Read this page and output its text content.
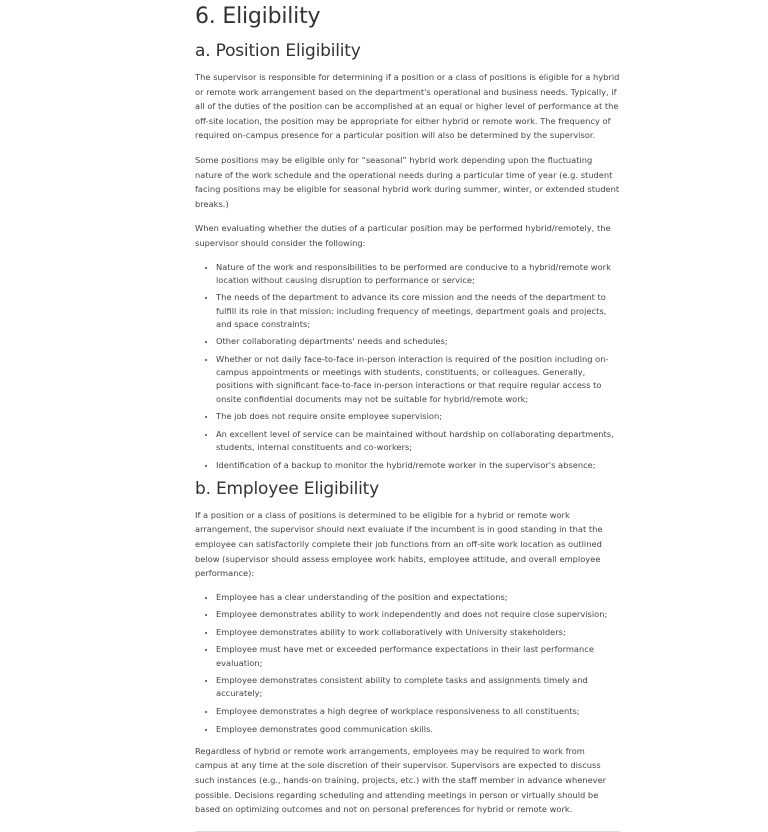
6. Eligibility
a. Position Eligibility

The supervisor is responsible for determining if a position or a class of positions is eligible for a hybrid or remote work arrangement based on the department's operational and business needs. Typically, if all of the duties of the position can be accomplished at an equal or higher level of performance at the off-site location, the position may be appropriate for either hybrid or remote work. The frequency of required on-campus presence for a particular position will also be determined by the supervisor.

Some positions may be eligible only for “seasonal” hybrid work depending upon the fluctuating nature of the work schedule and the operational needs during a particular time of year (e.g. student facing positions may be eligible for seasonal hybrid work during summer, winter, or extended student breaks.)

When evaluating whether the duties of a particular position may be performed hybrid/remotely, the supervisor should consider the following:

• Nature of the work and responsibilities to be performed are conducive to a hybrid/remote work location without causing disruption to performance or service;
• The needs of the department to advance its core mission and the needs of the department to fulfill its role in that mission: including frequency of meetings, department goals and projects, and space constraints;
• Other collaborating departments' needs and schedules;
• Whether or not daily face-to-face in-person interaction is required of the position including on-campus appointments or meetings with students, constituents, or colleagues. Generally, positions with significant face-to-face in-person interactions or that require regular access to onsite confidential documents may not be suitable for hybrid/remote work;
• The job does not require onsite employee supervision;
• An excellent level of service can be maintained without hardship on collaborating departments, students, internal constituents and co-workers;
• Identification of a backup to monitor the hybrid/remote worker in the supervisor's absence;
b. Employee Eligibility

If a position or a class of positions is determined to be eligible for a hybrid or remote work arrangement, the supervisor should next evaluate if the incumbent is in good standing in that the employee can satisfactorily complete their job functions from an off-site work location as outlined below (supervisor should assess employee work habits, employee attitude, and overall employee performance):

• Employee has a clear understanding of the position and expectations;
• Employee demonstrates ability to work independently and does not require close supervision;
• Employee demonstrates ability to work collaboratively with University stakeholders;
• Employee must have met or exceeded performance expectations in their last performance evaluation;
• Employee demonstrates consistent ability to complete tasks and assignments timely and accurately;
• Employee demonstrates a high degree of workplace responsiveness to all constituents;
• Employee demonstrates good communication skills.

Regardless of hybrid or remote work arrangements, employees may be required to work from campus at any time at the sole discretion of their supervisor. Supervisors are expected to discuss such instances (e.g., hands-on training, projects, etc.) with the staff member in advance whenever possible. Decisions regarding scheduling and attending meetings in person or virtually should be based on optimizing outcomes and not on personal preferences for hybrid or remote work.
